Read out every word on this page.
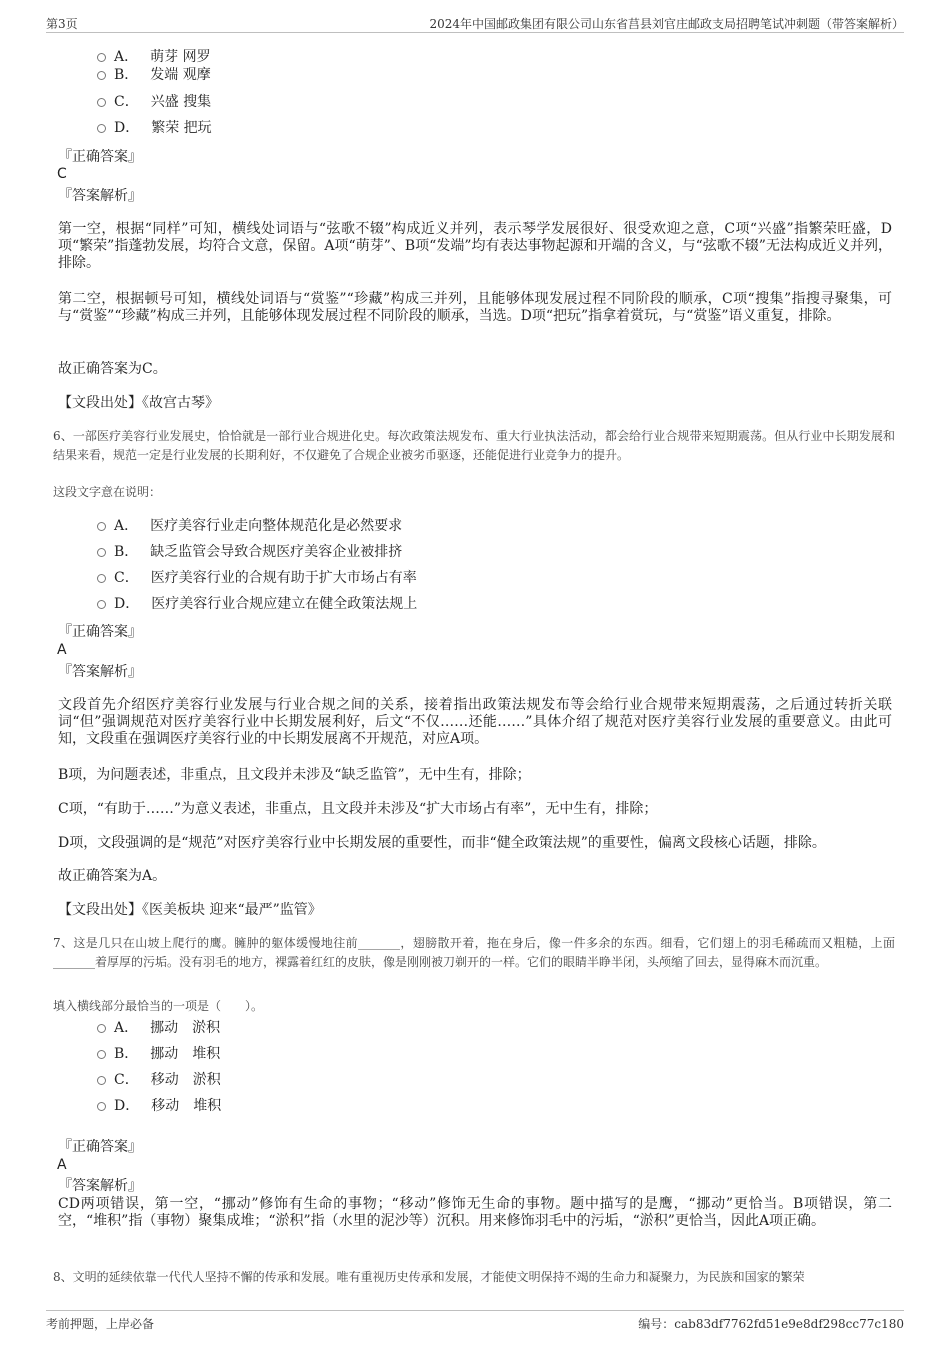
第3页	2024年中国邮政集团有限公司山东省莒县刘官庄邮政支局招聘笔试冲刺题（带答案解析）
A． 萌芽 网罗
B． 发端 观摩
C． 兴盛 搜集
D． 繁荣 把玩
『正确答案』
C
『答案解析』
第一空，根据“同样”可知，横线处词语与“弦歌不辍”构成近义并列，表示琴学发展很好、很受欢迎之意，C项“兴盛”指繁荣旺盛，D项“繁荣”指蓬勃发展，均符合文意，保留。A项“萌芽”、B项“发端”均有表达事物起源和开端的含义，与“弦歌不辍”无法构成近义并列，排除。
第二空，根据顿号可知，横线处词语与“赏鉴”“珍藏”构成三并列，且能够体现发展过程不同阶段的顺承，C项“搜集”指搜寻聚集，可与“赏鉴”“珍藏”构成三并列，且能够体现发展过程不同阶段的顺承，当选。D项“把玩”指拿着赏玩，与“赏鉴”语义重复，排除。
故正确答案为C。
【文段出处】《故宫古琴》
6、一部医疗美容行业发展史，恰恰就是一部行业合规进化史。每次政策法规发布、重大行业执法活动，都会给行业合规带来短期震荡。但从行业中长期发展和结果来看，规范一定是行业发展的长期利好，不仅避免了合规企业被劣币驱逐，还能促进行业竞争力的提升。
这段文字意在说明：
A． 医疗美容行业走向整体规范化是必然要求
B． 缺乏监管会导致合规医疗美容企业被排挤
C． 医疗美容行业的合规有助于扩大市场占有率
D． 医疗美容行业合规应建立在健全政策法规上
『正确答案』
A
『答案解析』
文段首先介绍医疗美容行业发展与行业合规之间的关系，接着指出政策法规发布等会给行业合规带来短期震荡，之后通过转折关联词“但”强调规范对医疗美容行业中长期发展利好，后文“不仅……还能……”具体介绍了规范对医疗美容行业发展的重要意义。由此可知，文段重在强调医疗美容行业的中长期发展离不开规范，对应A项。
B项，为问题表述，非重点，且文段并未涉及“缺乏监管”，无中生有，排除；
C项，“有助于……”为意义表述，非重点，且文段并未涉及“扩大市场占有率”，无中生有，排除；
D项，文段强调的是“规范”对医疗美容行业中长期发展的重要性，而非“健全政策法规”的重要性，偏离文段核心话题，排除。
故正确答案为A。
【文段出处】《医美板块 迎来“最严”监管》
7、这是几只在山坡上爬行的鹰。臃肿的躯体缓慢地往前_______，翅膀散开着，拖在身后，像一件多余的东西。细看，它们翅上的羽毛稀疏而又粗糙，上面_______着厚厚的污垢。没有羽毛的地方，裸露着红红的皮肤，像是刚刚被刀剃开的一样。它们的眼睛半睁半闭，头颅缩了回去，显得麻木而沉重。
填入横线部分最恰当的一项是（　　）。
A． 挪动　淤积
B． 挪动　堆积
C． 移动　淤积
D． 移动　堆积
『正确答案』
A
『答案解析』
CD两项错误，第一空，“挪动”修饰有生命的事物；“移动”修饰无生命的事物。题中描写的是鹰，“挪动”更恰当。B项错误，第二空，“堆积”指（事物）聚集成堆；“淤积”指（水里的泥沙等）沉积。用来修饰羽毛中的污垢，“淤积”更恰当，因此A项正确。
8、文明的延续依靠一代代人坚持不懈的传承和发展。唯有重视历史传承和发展，才能使文明保持不竭的生命力和凝聚力，为民族和国家的繁荣
考前押题，上岸必备	编号：cab83df7762fd51e9e8df298cc77c180
